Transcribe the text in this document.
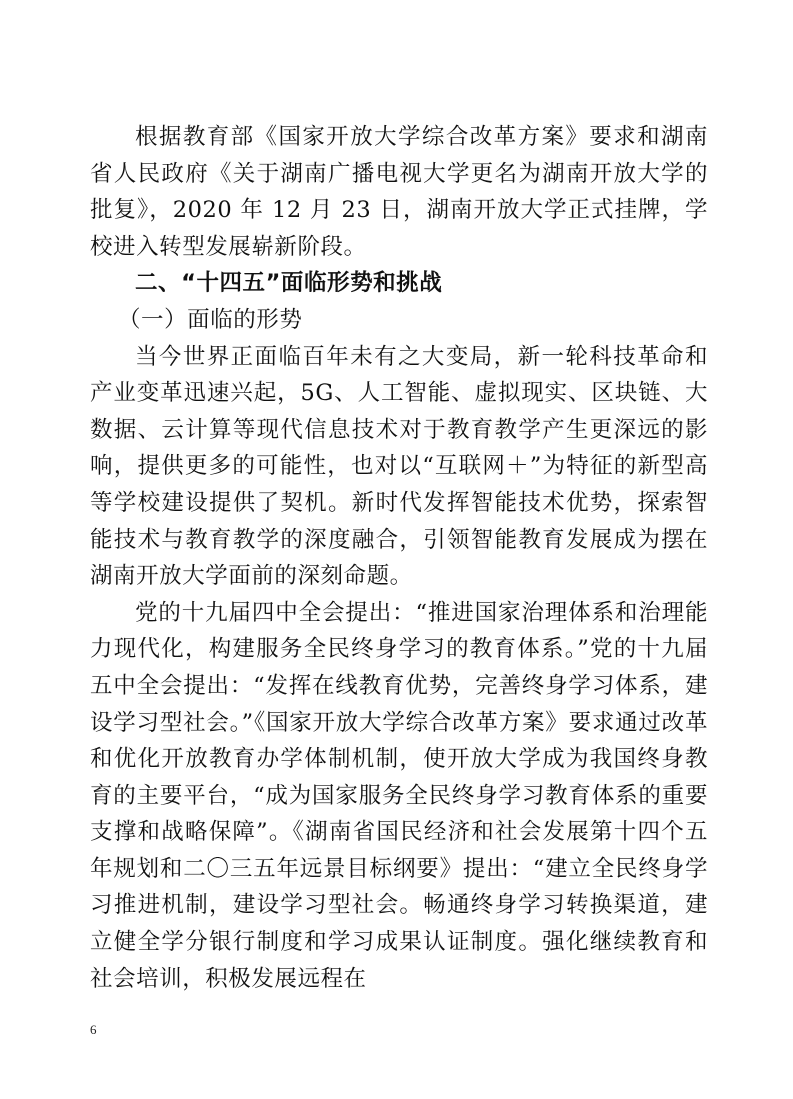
根据教育部《国家开放大学综合改革方案》要求和湖南省人民政府《关于湖南广播电视大学更名为湖南开放大学的批复》，2020 年 12 月 23 日，湖南开放大学正式挂牌，学校进入转型发展崭新阶段。

二、“十四五”面临形势和挑战

（一）面临的形势

当今世界正面临百年未有之大变局，新一轮科技革命和产业变革迅速兴起，5G、人工智能、虚拟现实、区块链、大数据、云计算等现代信息技术对于教育教学产生更深远的影响，提供更多的可能性，也对以“互联网＋”为特征的新型高等学校建设提供了契机。新时代发挥智能技术优势，探索智能技术与教育教学的深度融合，引领智能教育发展成为摆在湖南开放大学面前的深刻命题。

党的十九届四中全会提出：“推进国家治理体系和治理能力现代化，构建服务全民终身学习的教育体系。”党的十九届五中全会提出：“发挥在线教育优势，完善终身学习体系，建设学习型社会。”《国家开放大学综合改革方案》要求通过改革和优化开放教育办学体制机制，使开放大学成为我国终身教育的主要平台，“成为国家服务全民终身学习教育体系的重要支撑和战略保障”。《湖南省国民经济和社会发展第十四个五年规划和二〇三五年远景目标纲要》提出：“建立全民终身学习推进机制，建设学习型社会。畅通终身学习转换渠道，建立健全学分银行制度和学习成果认证制度。强化继续教育和社会培训，积极发展远程在

6
